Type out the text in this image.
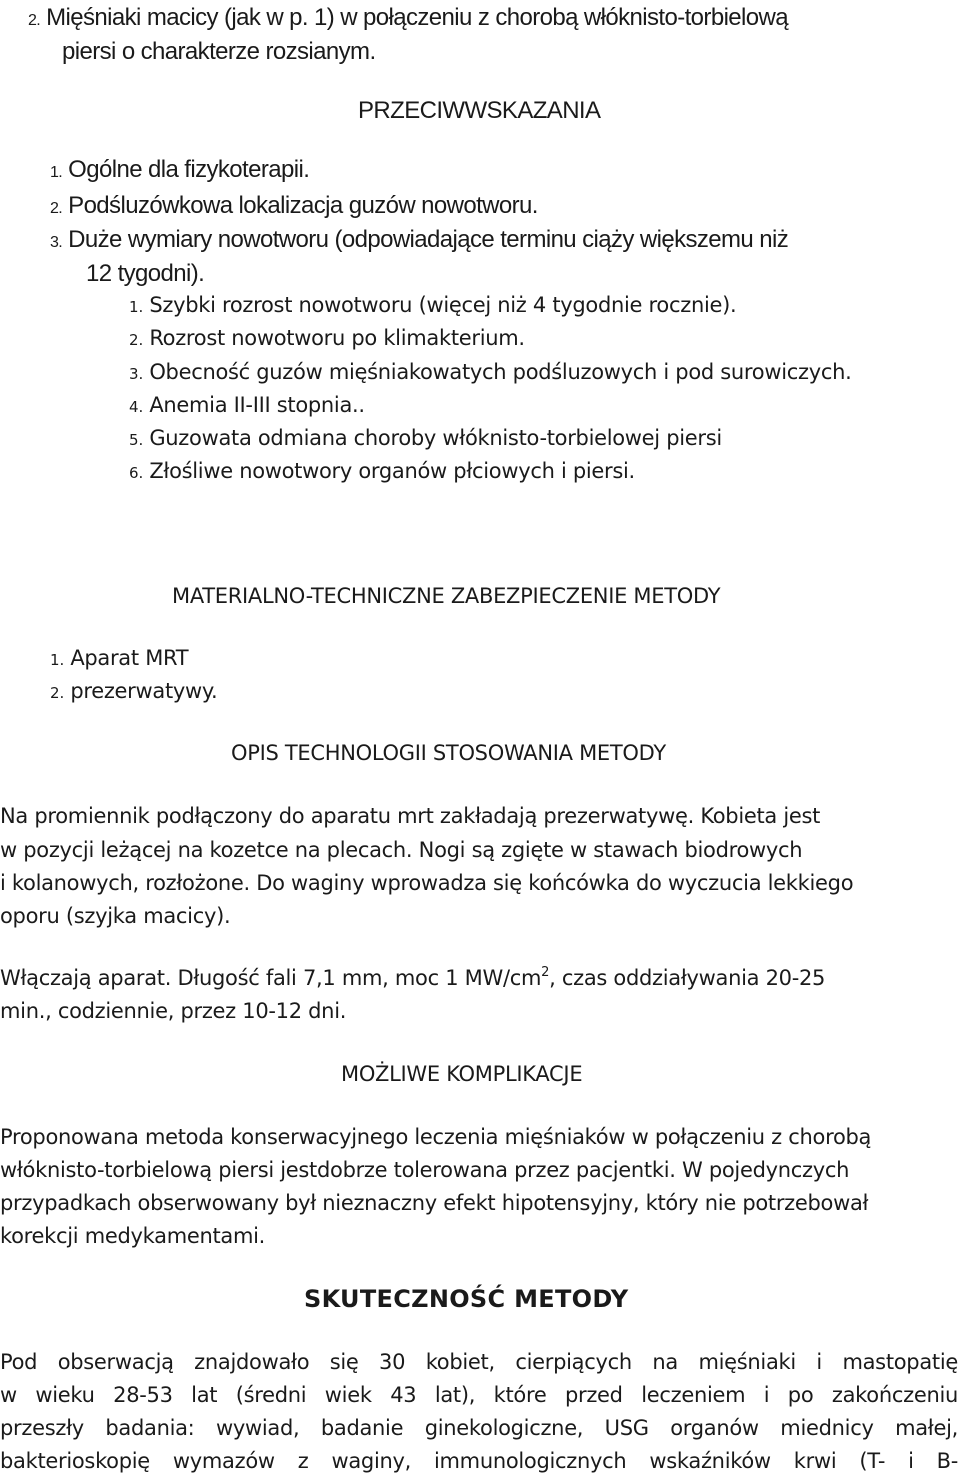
2. Mięśniaki macicy (jak w p. 1) w połączeniu z chorobą włóknisto-torbielową
piersi o charakterze rozsianym.
PRZECIWWSKAZANIA
1. Ogólne dla fizykoterapii.
2. Podśluzówkowa lokalizacja guzów nowotworu.
3. Duże wymiary nowotworu (odpowiadające terminu ciąży większemu niż
12 tygodni).
1. Szybki rozrost nowotworu (więcej niż 4 tygodnie rocznie).
2. Rozrost nowotworu po klimakterium.
3. Obecność guzów mięśniakowatych podśluzowych i pod surowiczych.
4. Anemia II-III stopnia..
5. Guzowata odmiana choroby włóknisto-torbielowej piersi
6. Złośliwe nowotwory organów płciowych i piersi.
MATERIALNO-TECHNICZNE ZABEZPIECZENIE METODY
1. Aparat MRT
2. prezerwatywy.
OPIS TECHNOLOGII STOSOWANIA METODY
Na promiennik podłączony do aparatu mrt zakładają prezerwatywę. Kobieta jest
w pozycji leżącej na kozetce na plecach. Nogi są zgięte w stawach biodrowych
i kolanowych, rozłożone. Do waginy wprowadza się końcówka do wyczucia lekkiego
oporu (szyjka macicy).
Włączają aparat. Długość fali 7,1 mm, moc 1 $MW/cm^2$, czas oddziaływania 20-25
min., codziennie, przez 10-12 dni.
MOŻLIWE KOMPLIKACJE
Proponowana metoda konserwacyjnego leczenia mięśniaków w połączeniu z chorobą
włóknisto-torbielową piersi jestdobrze tolerowana przez pacjentki. W pojedynczych
przypadkach obserwowany był nieznaczny efekt hipotensyjny, który nie potrzebował
korekcji medykamentami.
SKUTECZNOŚĆ METODY
Pod obserwacją znajdowało się 30 kobiet, cierpiących na mięśniaki i mastopatię
w wieku 28-53 lat (średni wiek 43 lat), które przed leczeniem i po zakończeniu
przeszły badania: wywiad, badanie ginekologiczne, USG organów miednicy małej,
bakterioskopię wymazów z waginy, immunologicznych wskaźników krwi (T- i B-
